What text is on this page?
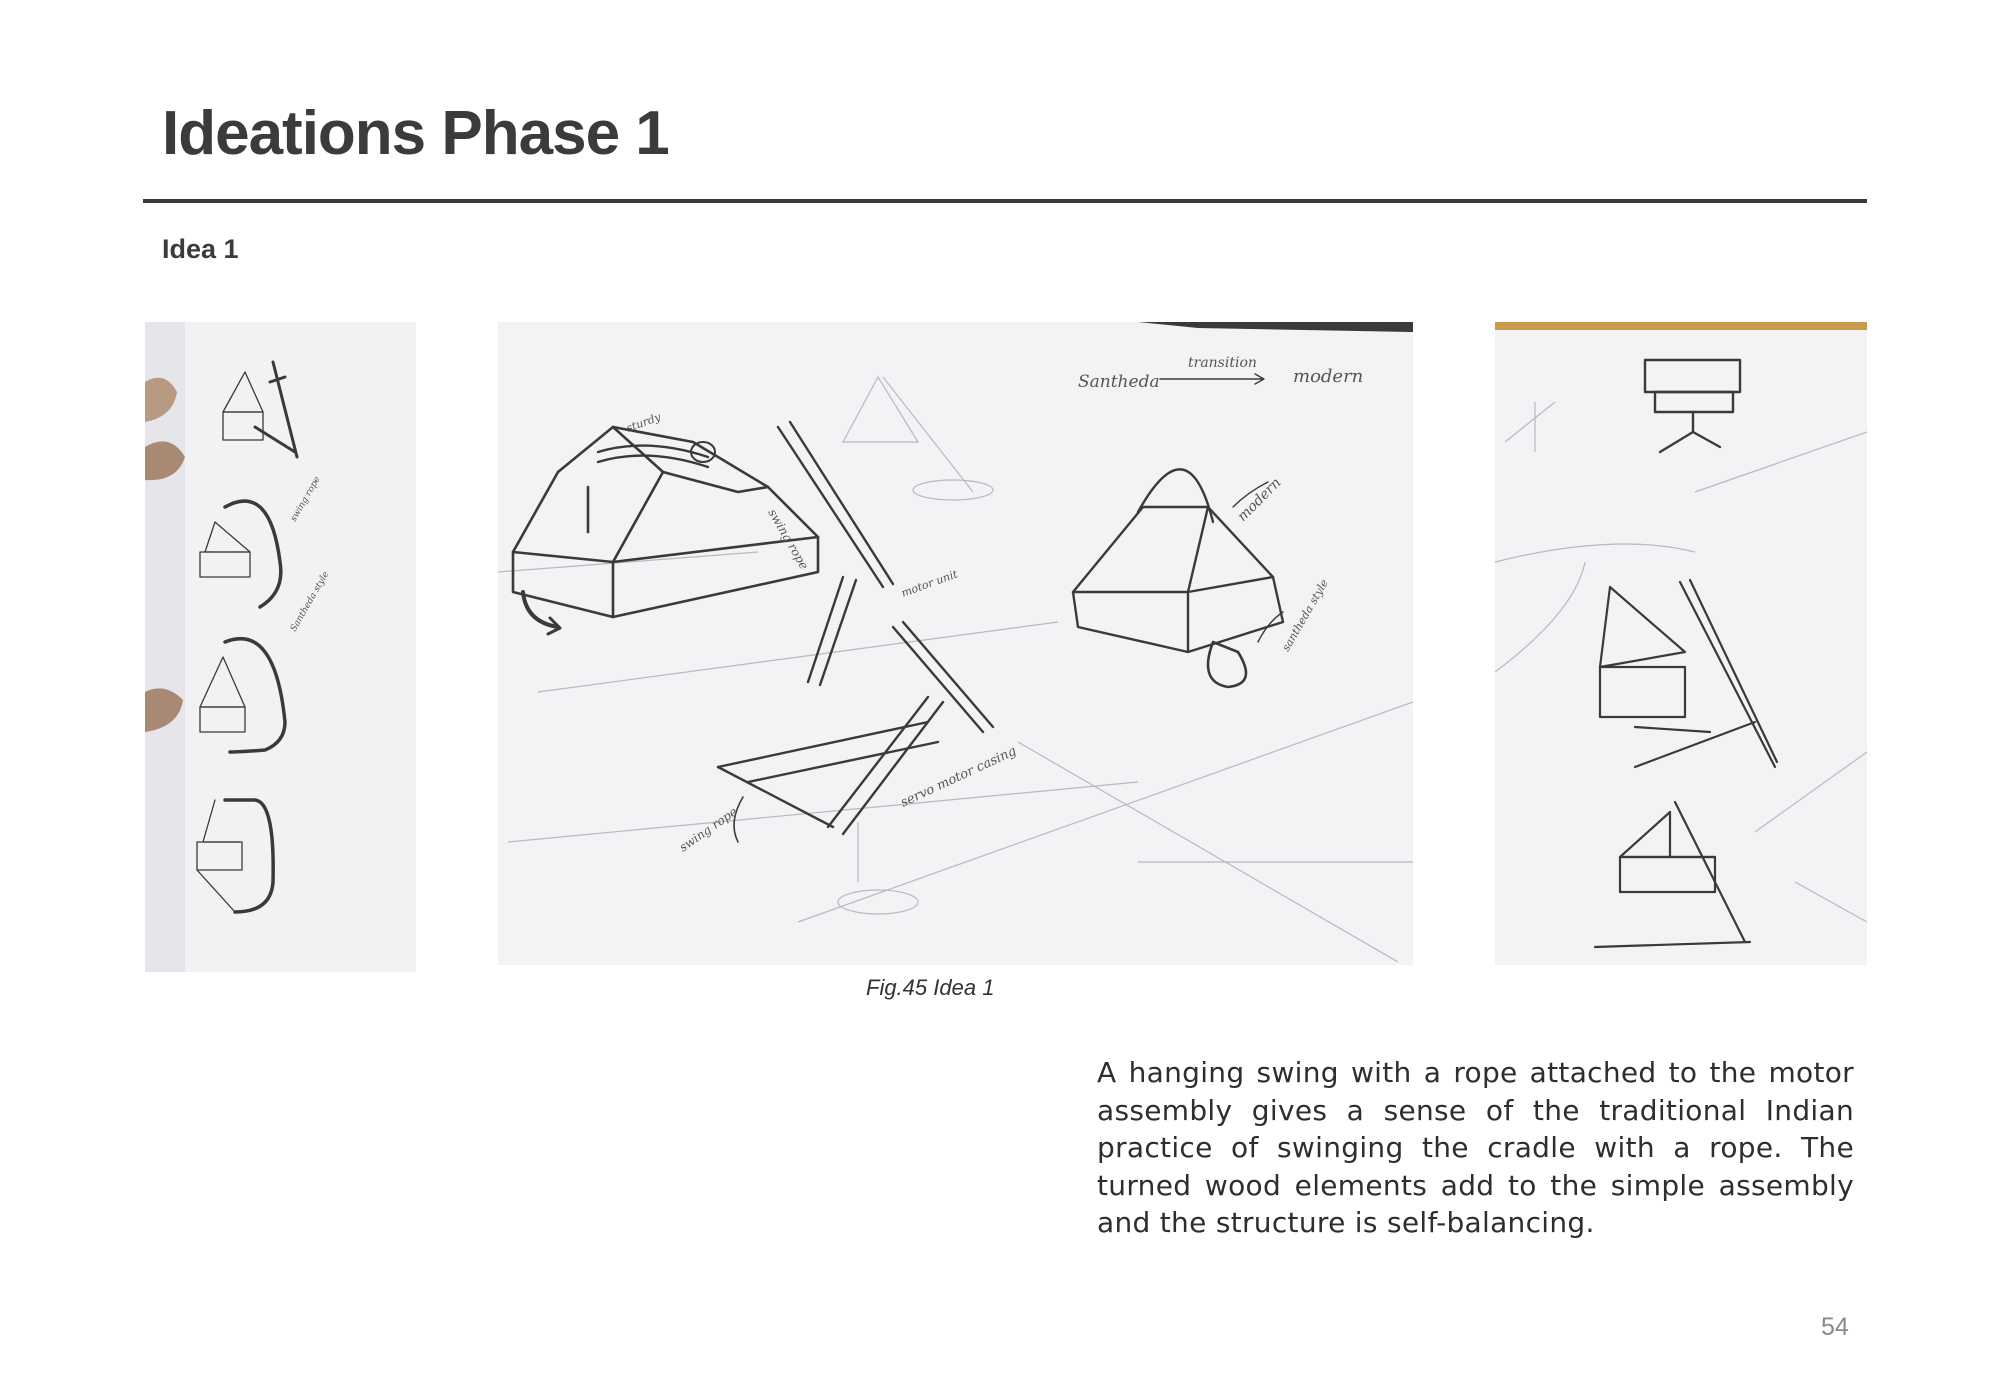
Ideations Phase 1
Idea 1
swing rope
Santheda style
Santheda
transition
modern
swing rope
motor unit
servo motor casing
swing rope
modern
santheda style
sturdy
Fig.45 Idea 1

A hanging swing with a rope attached to the motor assembly gives a sense of the traditional Indian practice of swinging the cradle with a rope. The turned wood elements add to the simple assembly and the structure is self-balancing.

54
